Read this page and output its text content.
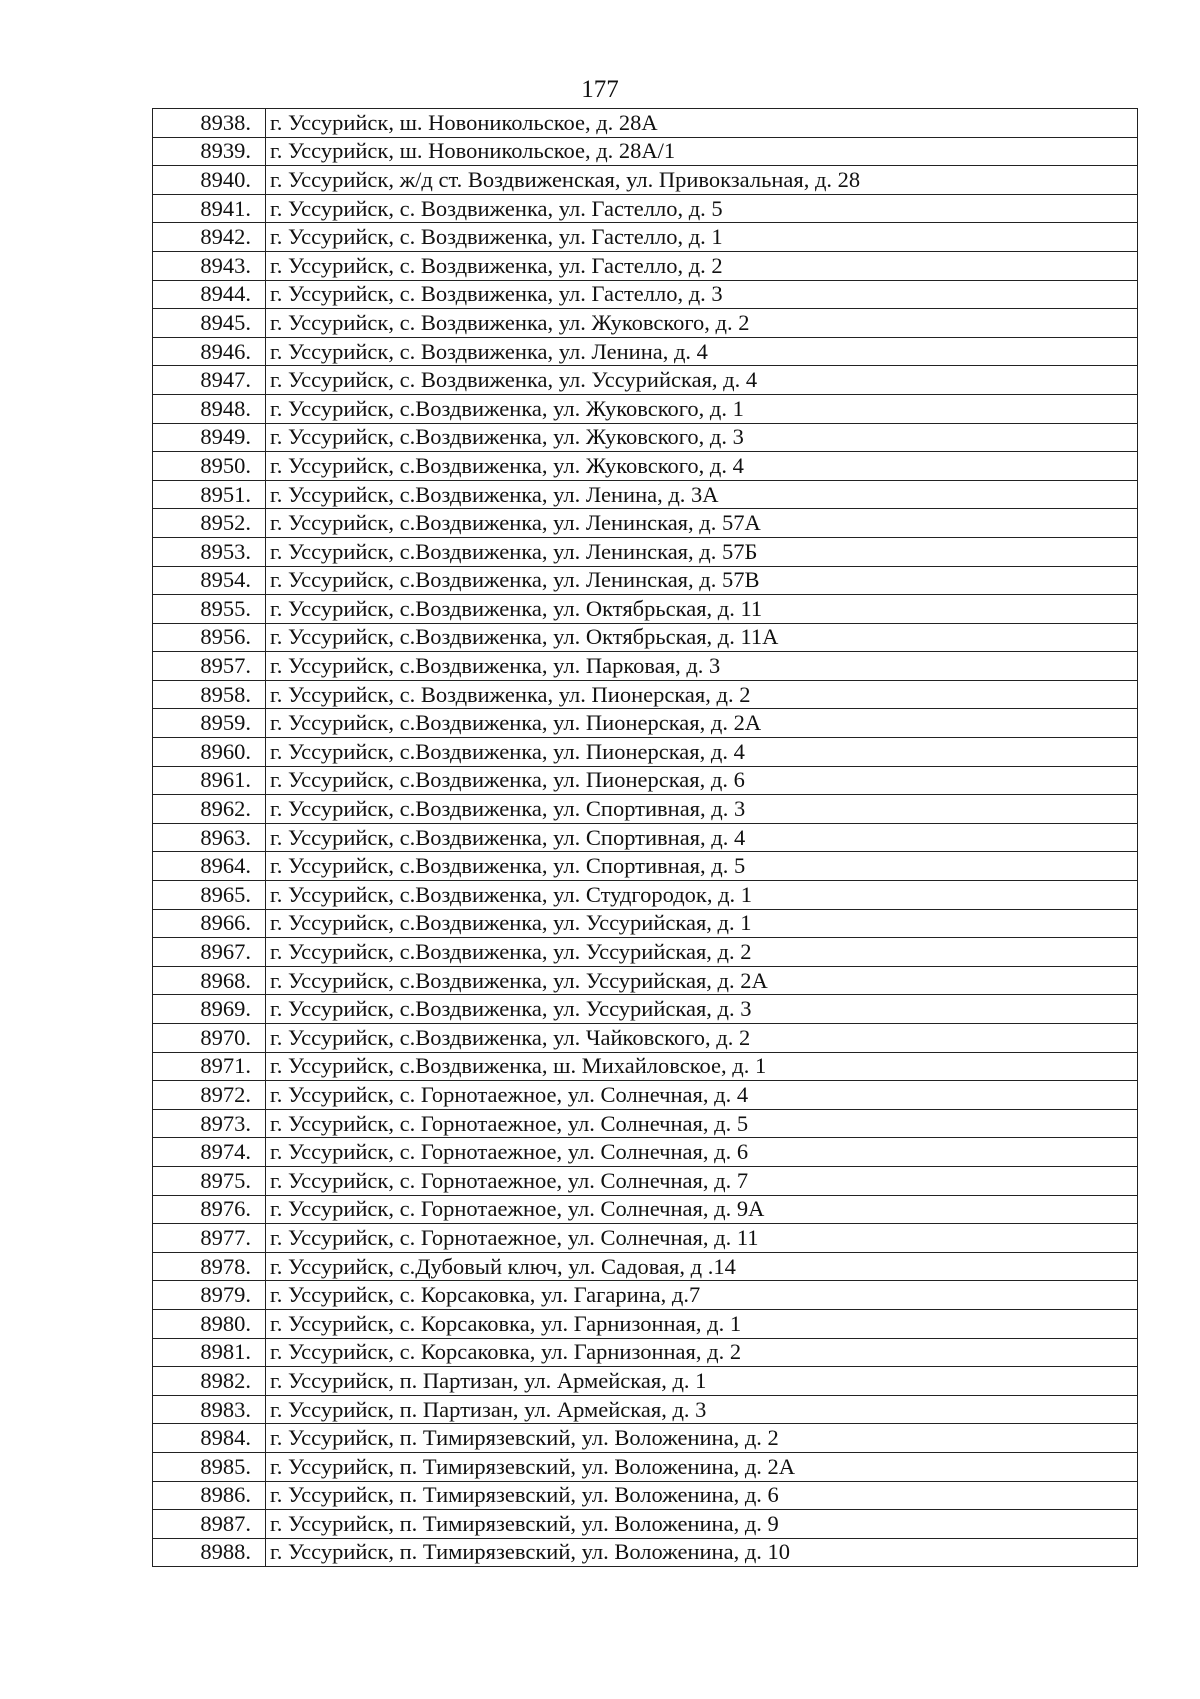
177
8938.	г. Уссурийск, ш. Новоникольское, д. 28А
8939.	г. Уссурийск, ш. Новоникольское, д. 28А/1
8940.	г. Уссурийск, ж/д ст. Воздвиженская, ул. Привокзальная, д. 28
8941.	г. Уссурийск, с. Воздвиженка, ул. Гастелло, д. 5
8942.	г. Уссурийск, с. Воздвиженка, ул. Гастелло, д. 1
8943.	г. Уссурийск, с. Воздвиженка, ул. Гастелло, д. 2
8944.	г. Уссурийск, с. Воздвиженка, ул. Гастелло, д. 3
8945.	г. Уссурийск, с. Воздвиженка, ул. Жуковского, д. 2
8946.	г. Уссурийск, с. Воздвиженка, ул. Ленина, д. 4
8947.	г. Уссурийск, с. Воздвиженка, ул. Уссурийская, д. 4
8948.	г. Уссурийск, с.Воздвиженка, ул. Жуковского, д. 1
8949.	г. Уссурийск, с.Воздвиженка, ул. Жуковского, д. 3
8950.	г. Уссурийск, с.Воздвиженка, ул. Жуковского, д. 4
8951.	г. Уссурийск, с.Воздвиженка, ул. Ленина, д. 3А
8952.	г. Уссурийск, с.Воздвиженка, ул. Ленинская, д. 57А
8953.	г. Уссурийск, с.Воздвиженка, ул. Ленинская, д. 57Б
8954.	г. Уссурийск, с.Воздвиженка, ул. Ленинская, д. 57В
8955.	г. Уссурийск, с.Воздвиженка, ул. Октябрьская, д. 11
8956.	г. Уссурийск, с.Воздвиженка, ул. Октябрьская, д. 11А
8957.	г. Уссурийск, с.Воздвиженка, ул. Парковая, д. 3
8958.	г. Уссурийск, с. Воздвиженка, ул. Пионерская, д. 2
8959.	г. Уссурийск, с.Воздвиженка, ул. Пионерская, д. 2А
8960.	г. Уссурийск, с.Воздвиженка, ул. Пионерская, д. 4
8961.	г. Уссурийск, с.Воздвиженка, ул. Пионерская, д. 6
8962.	г. Уссурийск, с.Воздвиженка, ул. Спортивная, д. 3
8963.	г. Уссурийск, с.Воздвиженка, ул. Спортивная, д. 4
8964.	г. Уссурийск, с.Воздвиженка, ул. Спортивная, д. 5
8965.	г. Уссурийск, с.Воздвиженка, ул. Студгородок, д. 1
8966.	г. Уссурийск, с.Воздвиженка, ул. Уссурийская, д. 1
8967.	г. Уссурийск, с.Воздвиженка, ул. Уссурийская, д. 2
8968.	г. Уссурийск, с.Воздвиженка, ул. Уссурийская, д. 2А
8969.	г. Уссурийск, с.Воздвиженка, ул. Уссурийская, д. 3
8970.	г. Уссурийск, с.Воздвиженка, ул. Чайковского, д. 2
8971.	г. Уссурийск, с.Воздвиженка, ш. Михайловское, д. 1
8972.	г. Уссурийск, с. Горнотаежное, ул. Солнечная, д. 4
8973.	г. Уссурийск, с. Горнотаежное, ул. Солнечная, д. 5
8974.	г. Уссурийск, с. Горнотаежное, ул. Солнечная, д. 6
8975.	г. Уссурийск, с. Горнотаежное, ул. Солнечная, д. 7
8976.	г. Уссурийск, с. Горнотаежное, ул. Солнечная, д. 9А
8977.	г. Уссурийск, с. Горнотаежное, ул. Солнечная, д. 11
8978.	г. Уссурийск, с.Дубовый ключ, ул. Садовая, д .14
8979.	г. Уссурийск, с. Корсаковка, ул. Гагарина, д.7
8980.	г. Уссурийск, с. Корсаковка, ул. Гарнизонная, д. 1
8981.	г. Уссурийск, с. Корсаковка, ул. Гарнизонная, д. 2
8982.	г. Уссурийск, п. Партизан, ул. Армейская, д. 1
8983.	г. Уссурийск, п. Партизан, ул. Армейская, д. 3
8984.	г. Уссурийск, п. Тимирязевский, ул. Воложенина, д. 2
8985.	г. Уссурийск, п. Тимирязевский, ул. Воложенина, д. 2А
8986.	г. Уссурийск, п. Тимирязевский, ул. Воложенина, д. 6
8987.	г. Уссурийск, п. Тимирязевский, ул. Воложенина, д. 9
8988.	г. Уссурийск, п. Тимирязевский, ул. Воложенина, д. 10
